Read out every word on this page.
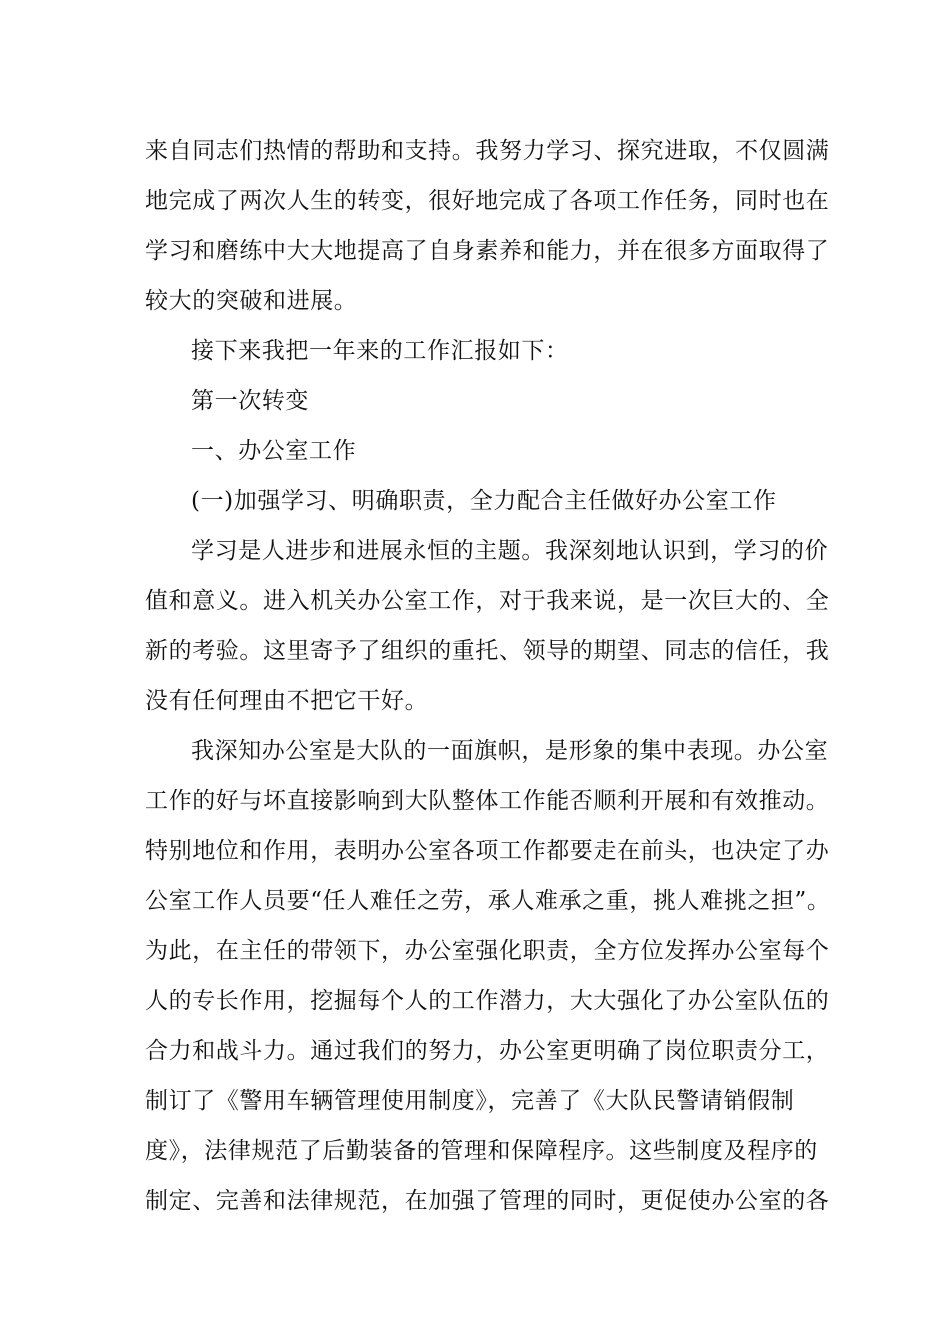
来自同志们热情的帮助和支持。我努力学习、探究进取，不仅圆满
地完成了两次人生的转变，很好地完成了各项工作任务，同时也在
学习和磨练中大大地提高了自身素养和能力，并在很多方面取得了
较大的突破和进展。
接下来我把一年来的工作汇报如下：
第一次转变
一、办公室工作
(一)加强学习、明确职责，全力配合主任做好办公室工作
学习是人进步和进展永恒的主题。我深刻地认识到，学习的价
值和意义。进入机关办公室工作，对于我来说，是一次巨大的、全
新的考验。这里寄予了组织的重托、领导的期望、同志的信任，我
没有任何理由不把它干好。
我深知办公室是大队的一面旗帜，是形象的集中表现。办公室
工作的好与坏直接影响到大队整体工作能否顺利开展和有效推动。
特别地位和作用，表明办公室各项工作都要走在前头，也决定了办
公室工作人员要“任人难任之劳，承人难承之重，挑人难挑之担”。
为此，在主任的带领下，办公室强化职责，全方位发挥办公室每个
人的专长作用，挖掘每个人的工作潜力，大大强化了办公室队伍的
合力和战斗力。通过我们的努力，办公室更明确了岗位职责分工，
制订了《警用车辆管理使用制度》，完善了《大队民警请销假制
度》，法律规范了后勤装备的管理和保障程序。这些制度及程序的
制定、完善和法律规范，在加强了管理的同时，更促使办公室的各
